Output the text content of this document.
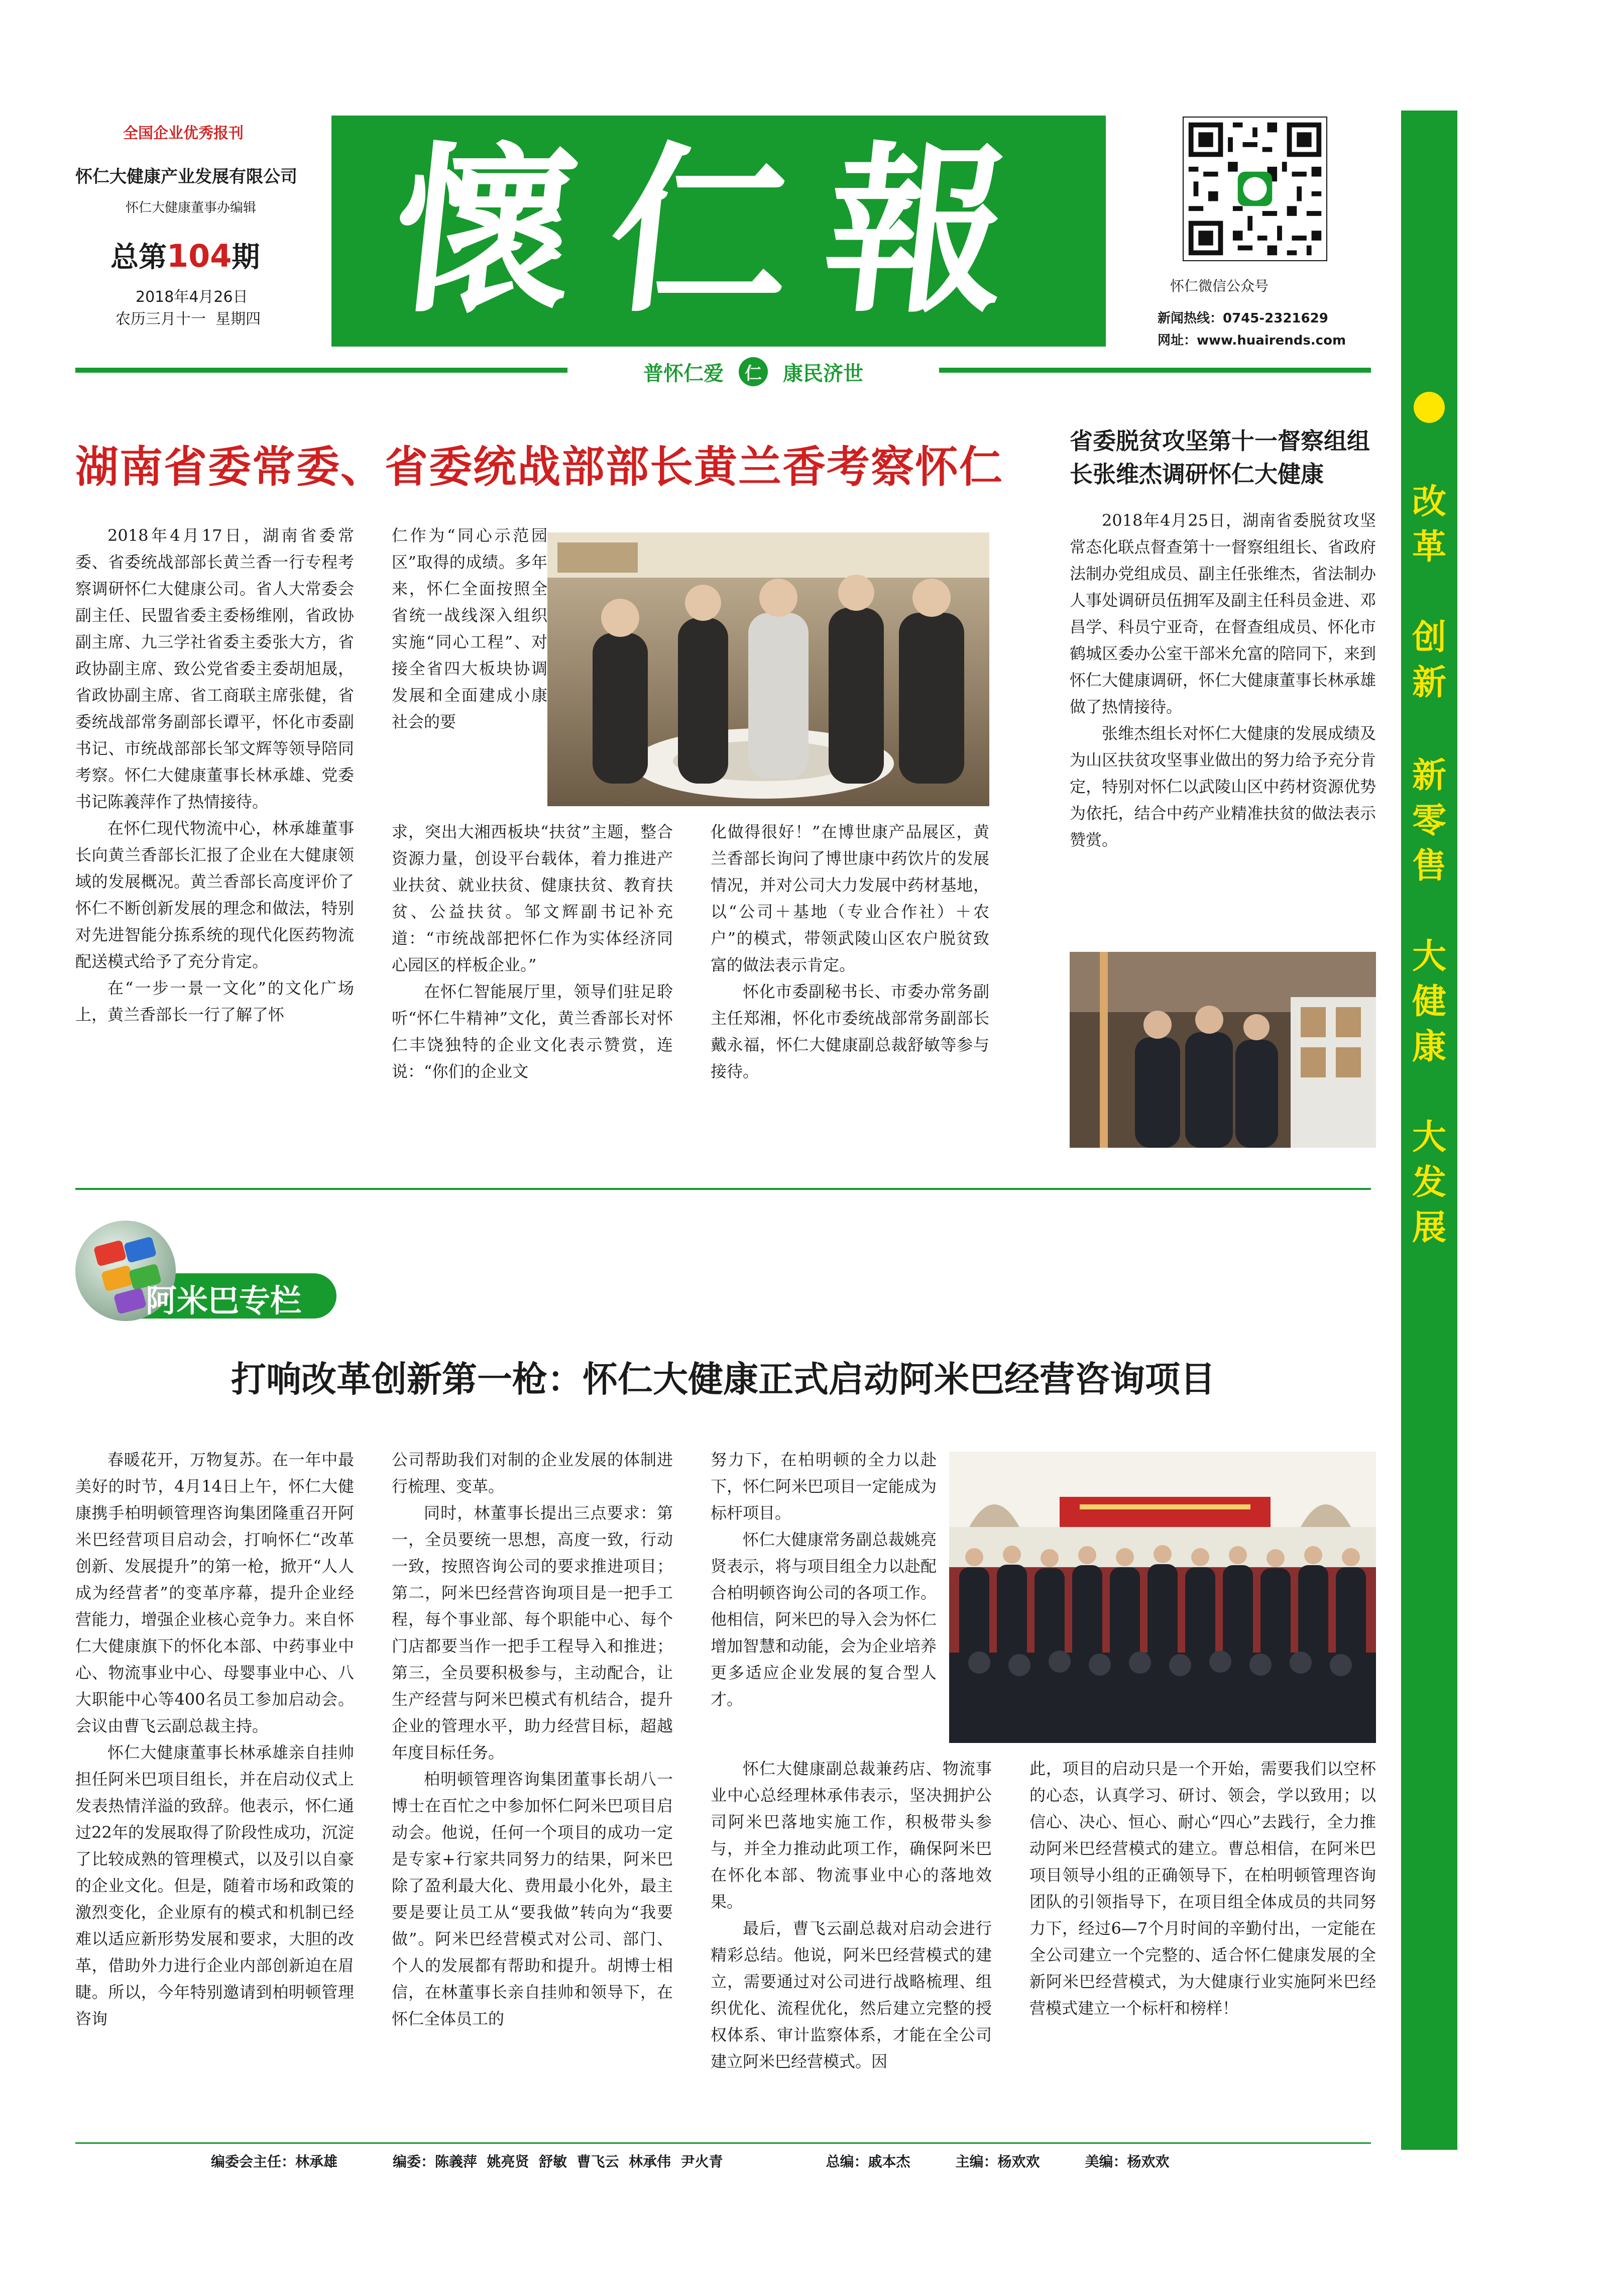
全国企业优秀报刊
怀仁大健康产业发展有限公司
怀仁大健康董事办编辑
总第104期
2018年4月26日
农历三月十一  星期四 懷仁報	怀仁微信公众号
新闻热线：0745-2321629
网址：www.huairends.com
普怀仁爱	仁	康民济世
改
革
创
新
新
零
售
大
健
康
大
发
展
湖南省委常委、省委统战部部长黄兰香考察怀仁

2018年4月17日，湖南省委常委、省委统战部部长黄兰香一行专程考察调研怀仁大健康公司。省人大常委会副主任、民盟省委主委杨维刚，省政协副主席、九三学社省委主委张大方，省政协副主席、致公党省委主委胡旭晟，省政协副主席、省工商联主席张健，省委统战部常务副部长谭平，怀化市委副书记、市统战部部长邹文辉等领导陪同考察。怀仁大健康董事长林承雄、党委书记陈義萍作了热情接待。

在怀仁现代物流中心，林承雄董事长向黄兰香部长汇报了企业在大健康领域的发展概况。黄兰香部长高度评价了怀仁不断创新发展的理念和做法，特别对先进智能分拣系统的现代化医药物流配送模式给予了充分肯定。

在“一步一景一文化”的文化广场上，黄兰香部长一行了解了怀

仁作为“同心示范园区”取得的成绩。多年来，怀仁全面按照全省统一战线深入组织实施“同心工程”、对接全省四大板块协调发展和全面建成小康社会的要

求，突出大湘西板块“扶贫”主题，整合资源力量，创设平台载体，着力推进产业扶贫、就业扶贫、健康扶贫、教育扶贫、公益扶贫。邹文辉副书记补充道：“市统战部把怀仁作为实体经济同心园区的样板企业。”

在怀仁智能展厅里，领导们驻足聆听“怀仁牛精神”文化，黄兰香部长对怀仁丰饶独特的企业文化表示赞赏，连说：“你们的企业文

化做得很好！”在博世康产品展区，黄兰香部长询问了博世康中药饮片的发展情况，并对公司大力发展中药材基地，以“公司＋基地（专业合作社）＋农户”的模式，带领武陵山区农户脱贫致富的做法表示肯定。

怀化市委副秘书长、市委办常务副主任郑湘，怀化市委统战部常务副部长戴永福，怀仁大健康副总裁舒敏等参与接待。

省委脱贫攻坚第十一督察组组长张维杰调研怀仁大健康

2018年4月25日，湖南省委脱贫攻坚常态化联点督查第十一督察组组长、省政府法制办党组成员、副主任张维杰，省法制办人事处调研员伍拥军及副主任科员金进、邓昌学、科员宁亚奇，在督查组成员、怀化市鹤城区委办公室干部米允富的陪同下，来到怀仁大健康调研，怀仁大健康董事长林承雄做了热情接待。

张维杰组长对怀仁大健康的发展成绩及为山区扶贫攻坚事业做出的努力给予充分肯定，特别对怀仁以武陵山区中药材资源优势为依托，结合中药产业精准扶贫的做法表示赞赏。

阿米巴专栏
打响改革创新第一枪：怀仁大健康正式启动阿米巴经营咨询项目

春暖花开，万物复苏。在一年中最美好的时节，4月14日上午，怀仁大健康携手柏明顿管理咨询集团隆重召开阿米巴经营项目启动会，打响怀仁“改革创新、发展提升”的第一枪，掀开“人人成为经营者”的变革序幕，提升企业经营能力，增强企业核心竞争力。来自怀仁大健康旗下的怀化本部、中药事业中心、物流事业中心、母婴事业中心、八大职能中心等400名员工参加启动会。会议由曹飞云副总裁主持。

怀仁大健康董事长林承雄亲自挂帅担任阿米巴项目组长，并在启动仪式上发表热情洋溢的致辞。他表示，怀仁通过22年的发展取得了阶段性成功，沉淀了比较成熟的管理模式，以及引以自豪的企业文化。但是，随着市场和政策的激烈变化，企业原有的模式和机制已经难以适应新形势发展和要求，大胆的改革，借助外力进行企业内部创新迫在眉睫。所以，今年特别邀请到柏明顿管理咨询

公司帮助我们对制的企业发展的体制进行梳理、变革。

同时，林董事长提出三点要求：第一，全员要统一思想，高度一致，行动一致，按照咨询公司的要求推进项目；第二，阿米巴经营咨询项目是一把手工程，每个事业部、每个职能中心、每个门店都要当作一把手工程导入和推进；第三，全员要积极参与，主动配合，让生产经营与阿米巴模式有机结合，提升企业的管理水平，助力经营目标，超越年度目标任务。

柏明顿管理咨询集团董事长胡八一博士在百忙之中参加怀仁阿米巴项目启动会。他说，任何一个项目的成功一定是专家+行家共同努力的结果，阿米巴除了盈利最大化、费用最小化外，最主要是要让员工从“要我做”转向为“我要做”。阿米巴经营模式对公司、部门、个人的发展都有帮助和提升。胡博士相信，在林董事长亲自挂帅和领导下，在怀仁全体员工的

努力下，在柏明顿的全力以赴下，怀仁阿米巴项目一定能成为标杆项目。

怀仁大健康常务副总裁姚亮贤表示，将与项目组全力以赴配合柏明顿咨询公司的各项工作。他相信，阿米巴的导入会为怀仁增加智慧和动能，会为企业培养更多适应企业发展的复合型人才。

怀仁大健康副总裁兼药店、物流事业中心总经理林承伟表示，坚决拥护公司阿米巴落地实施工作，积极带头参与，并全力推动此项工作，确保阿米巴在怀化本部、物流事业中心的落地效果。

最后，曹飞云副总裁对启动会进行精彩总结。他说，阿米巴经营模式的建立，需要通过对公司进行战略梳理、组织优化、流程优化，然后建立完整的授权体系、审计监察体系，才能在全公司建立阿米巴经营模式。因

此，项目的启动只是一个开始，需要我们以空杯的心态，认真学习、研讨、领会，学以致用；以信心、决心、恒心、耐心“四心”去践行，全力推动阿米巴经营模式的建立。曹总相信，在阿米巴项目领导小组的正确领导下，在柏明顿管理咨询团队的引领指导下，在项目组全体成员的共同努力下，经过6—7个月时间的辛勤付出，一定能在全公司建立一个完整的、适合怀仁健康发展的全新阿米巴经营模式，为大健康行业实施阿米巴经营模式建立一个标杆和榜样！

编委会主任：林承雄	编委：陈義萍  姚亮贤  舒敏  曹飞云  林承伟  尹火青	总编：戚本杰	主编：杨欢欢	美编：杨欢欢
